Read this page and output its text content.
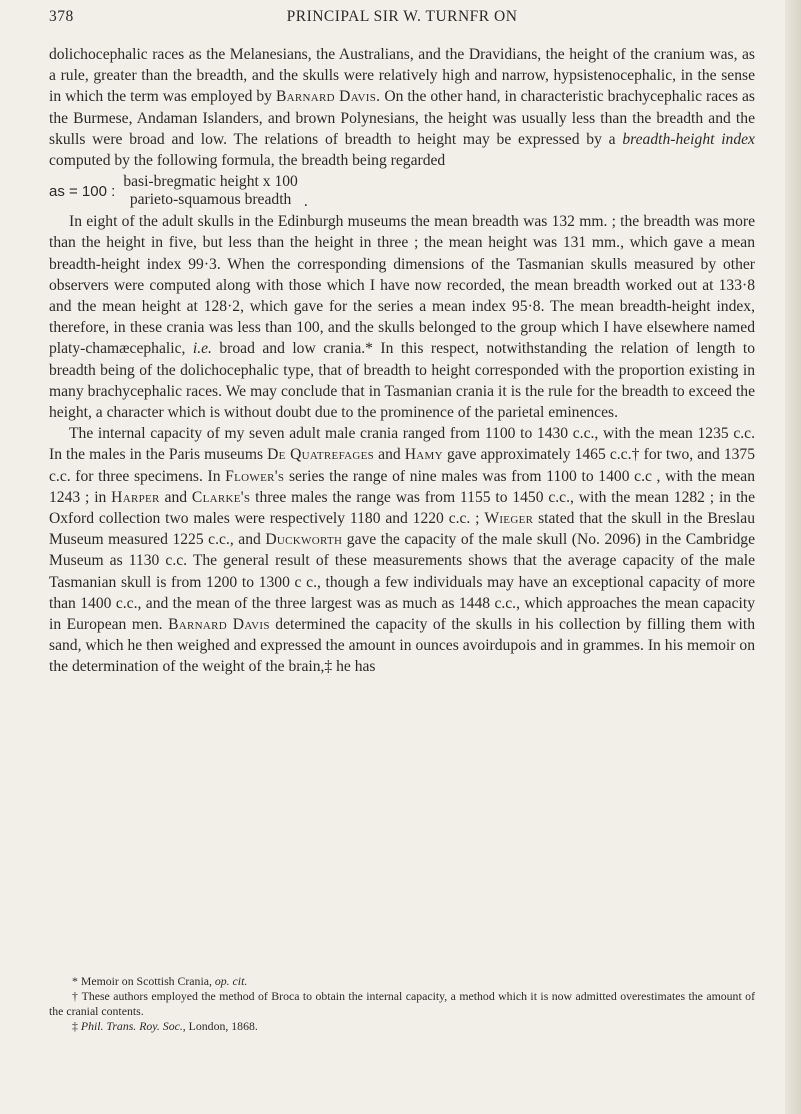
378	PRINCIPAL SIR W. TURNFR ON

dolichocephalic races as the Melanesians, the Australians, and the Dravidians, the height of the cranium was, as a rule, greater than the breadth, and the skulls were relatively high and narrow, hypsistenocephalic, in the sense in which the term was employed by Barnard Davis. On the other hand, in characteristic brachycephalic races as the Burmese, Andaman Islanders, and brown Polynesians, the height was usually less than the breadth and the skulls were broad and low. The relations of breadth to height may be expressed by a breadth-height index computed by the following formula, the breadth being regarded

as = 100 :
basi-bregmatic height x 100
parieto-squamous breadth .

In eight of the adult skulls in the Edinburgh museums the mean breadth was 132 mm. ; the breadth was more than the height in five, but less than the height in three ; the mean height was 131 mm., which gave a mean breadth-height index 99·3. When the corresponding dimensions of the Tasmanian skulls measured by other observers were computed along with those which I have now recorded, the mean breadth worked out at 133·8 and the mean height at 128·2, which gave for the series a mean index 95·8. The mean breadth-height index, therefore, in these crania was less than 100, and the skulls belonged to the group which I have elsewhere named platy-chamæcephalic, i.e. broad and low crania.* In this respect, notwithstanding the relation of length to breadth being of the dolichocephalic type, that of breadth to height corresponded with the proportion existing in many brachycephalic races. We may conclude that in Tasmanian crania it is the rule for the breadth to exceed the height, a character which is without doubt due to the prominence of the parietal eminences.

The internal capacity of my seven adult male crania ranged from 1100 to 1430 c.c., with the mean 1235 c.c. In the males in the Paris museums De Quatrefages and Hamy gave approximately 1465 c.c.† for two, and 1375 c.c. for three specimens. In Flower's series the range of nine males was from 1100 to 1400 c.c , with the mean 1243 ; in Harper and Clarke's three males the range was from 1155 to 1450 c.c., with the mean 1282 ; in the Oxford collection two males were respectively 1180 and 1220 c.c. ; Wieger stated that the skull in the Breslau Museum measured 1225 c.c., and Duckworth gave the capacity of the male skull (No. 2096) in the Cambridge Museum as 1130 c.c. The general result of these measurements shows that the average capacity of the male Tasmanian skull is from 1200 to 1300 c c., though a few individuals may have an exceptional capacity of more than 1400 c.c., and the mean of the three largest was as much as 1448 c.c., which approaches the mean capacity in European men. Barnard Davis determined the capacity of the skulls in his collection by filling them with sand, which he then weighed and expressed the amount in ounces avoirdupois and in grammes. In his memoir on the determination of the weight of the brain,‡ he has

* Memoir on Scottish Crania, op. cit.

† These authors employed the method of Broca to obtain the internal capacity, a method which it is now admitted overestimates the amount of the cranial contents.

‡ Phil. Trans. Roy. Soc., London, 1868.
